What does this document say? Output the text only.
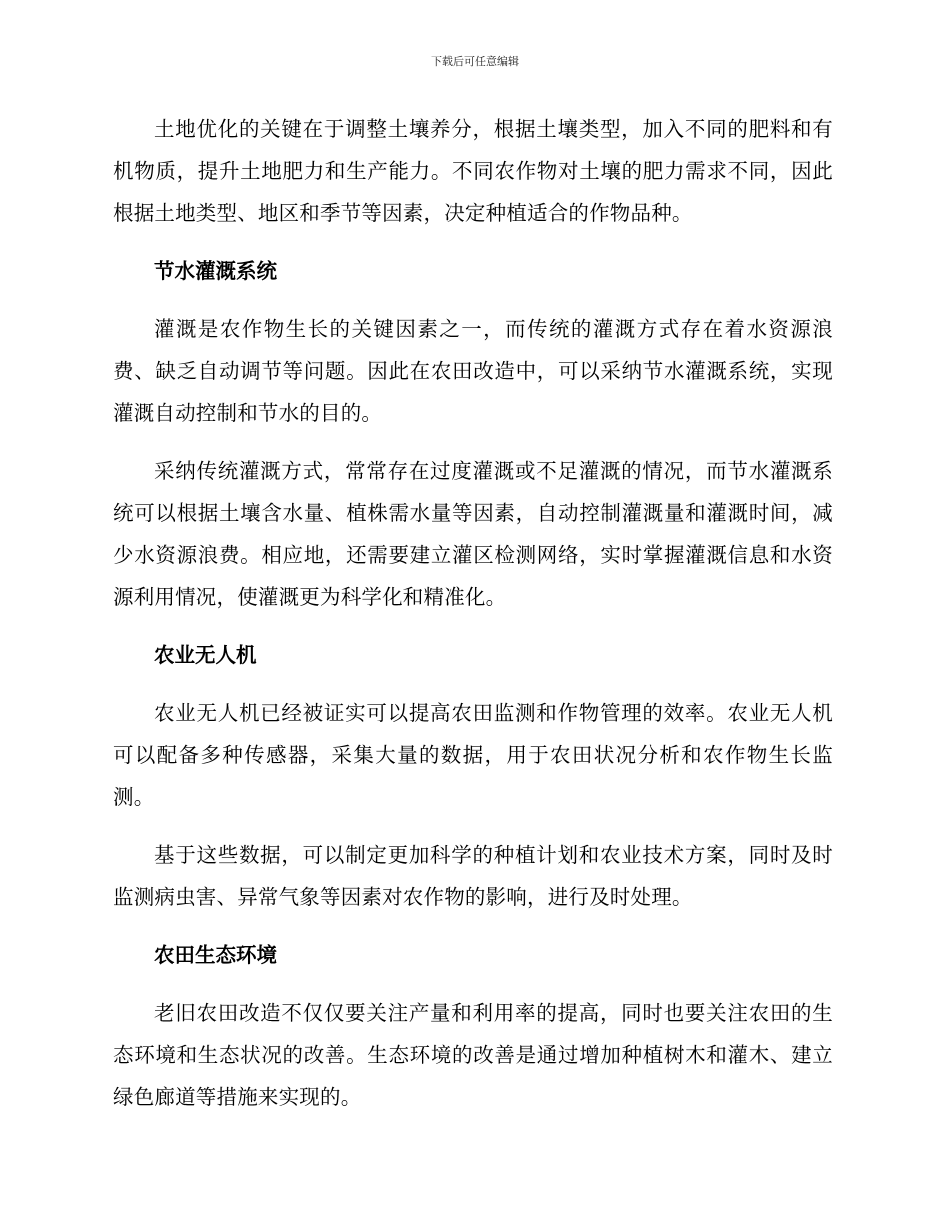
下载后可任意编辑

土地优化的关键在于调整土壤养分，根据土壤类型，加入不同的肥料和有机物质，提升土地肥力和生产能力。不同农作物对土壤的肥力需求不同，因此根据土地类型、地区和季节等因素，决定种植适合的作物品种。

节水灌溉系统

灌溉是农作物生长的关键因素之一，而传统的灌溉方式存在着水资源浪费、缺乏自动调节等问题。因此在农田改造中，可以采纳节水灌溉系统，实现灌溉自动控制和节水的目的。

采纳传统灌溉方式，常常存在过度灌溉或不足灌溉的情况，而节水灌溉系统可以根据土壤含水量、植株需水量等因素，自动控制灌溉量和灌溉时间，减少水资源浪费。相应地，还需要建立灌区检测网络，实时掌握灌溉信息和水资源利用情况，使灌溉更为科学化和精准化。

农业无人机

农业无人机已经被证实可以提高农田监测和作物管理的效率。农业无人机可以配备多种传感器，采集大量的数据，用于农田状况分析和农作物生长监测。

基于这些数据，可以制定更加科学的种植计划和农业技术方案，同时及时监测病虫害、异常气象等因素对农作物的影响，进行及时处理。

农田生态环境

老旧农田改造不仅仅要关注产量和利用率的提高，同时也要关注农田的生态环境和生态状况的改善。生态环境的改善是通过增加种植树木和灌木、建立绿色廊道等措施来实现的。
